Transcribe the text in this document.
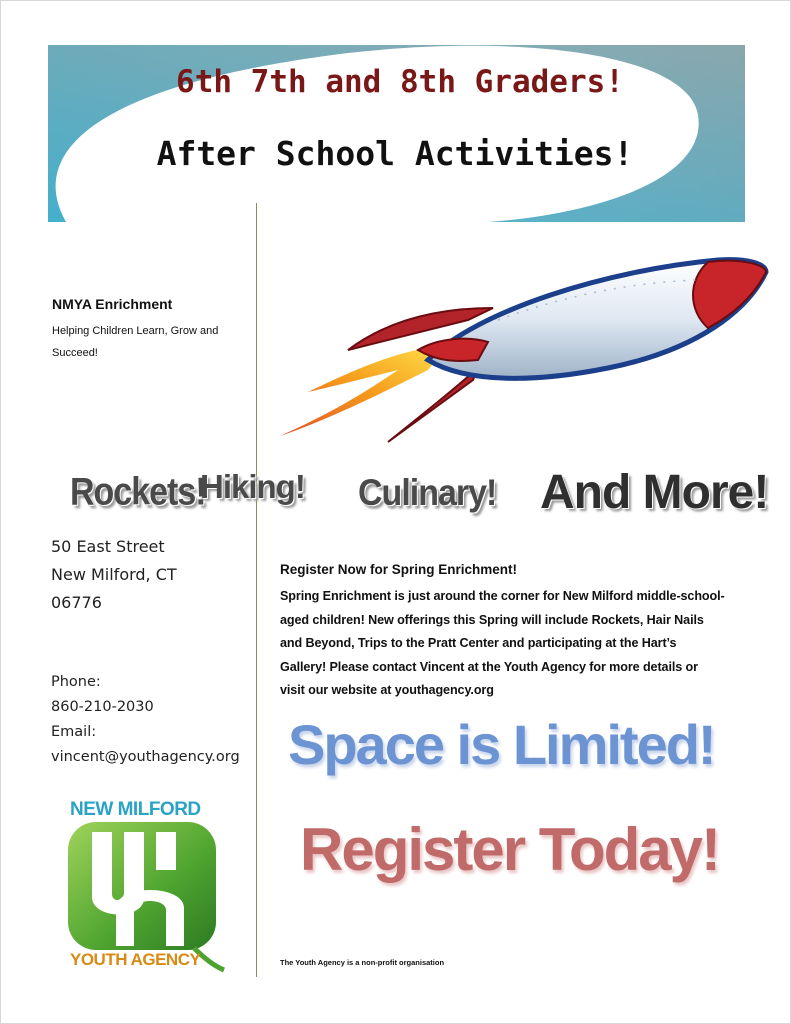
6th 7th and 8th Graders!
After School Activities!
NMYA Enrichment
Helping Children Learn, Grow and Succeed!
Rockets!
Hiking! Culinary! And More!
50 East Street
New Milford, CT
06776
Phone:
860-210-2030
Email:
vincent@youthagency.org
Register Now for Spring Enrichment!
Spring Enrichment is just around the corner for New Milford middle-school-aged children! New offerings this Spring will include Rockets, Hair Nails and Beyond, Trips to the Pratt Center and participating at the Hart’s Gallery! Please contact Vincent at the Youth Agency for more details or visit our website at youthagency.org
Space is Limited!
Register Today!
NEW MILFORD
YOUTH AGENCY	The Youth Agency is a non-profit organisation
